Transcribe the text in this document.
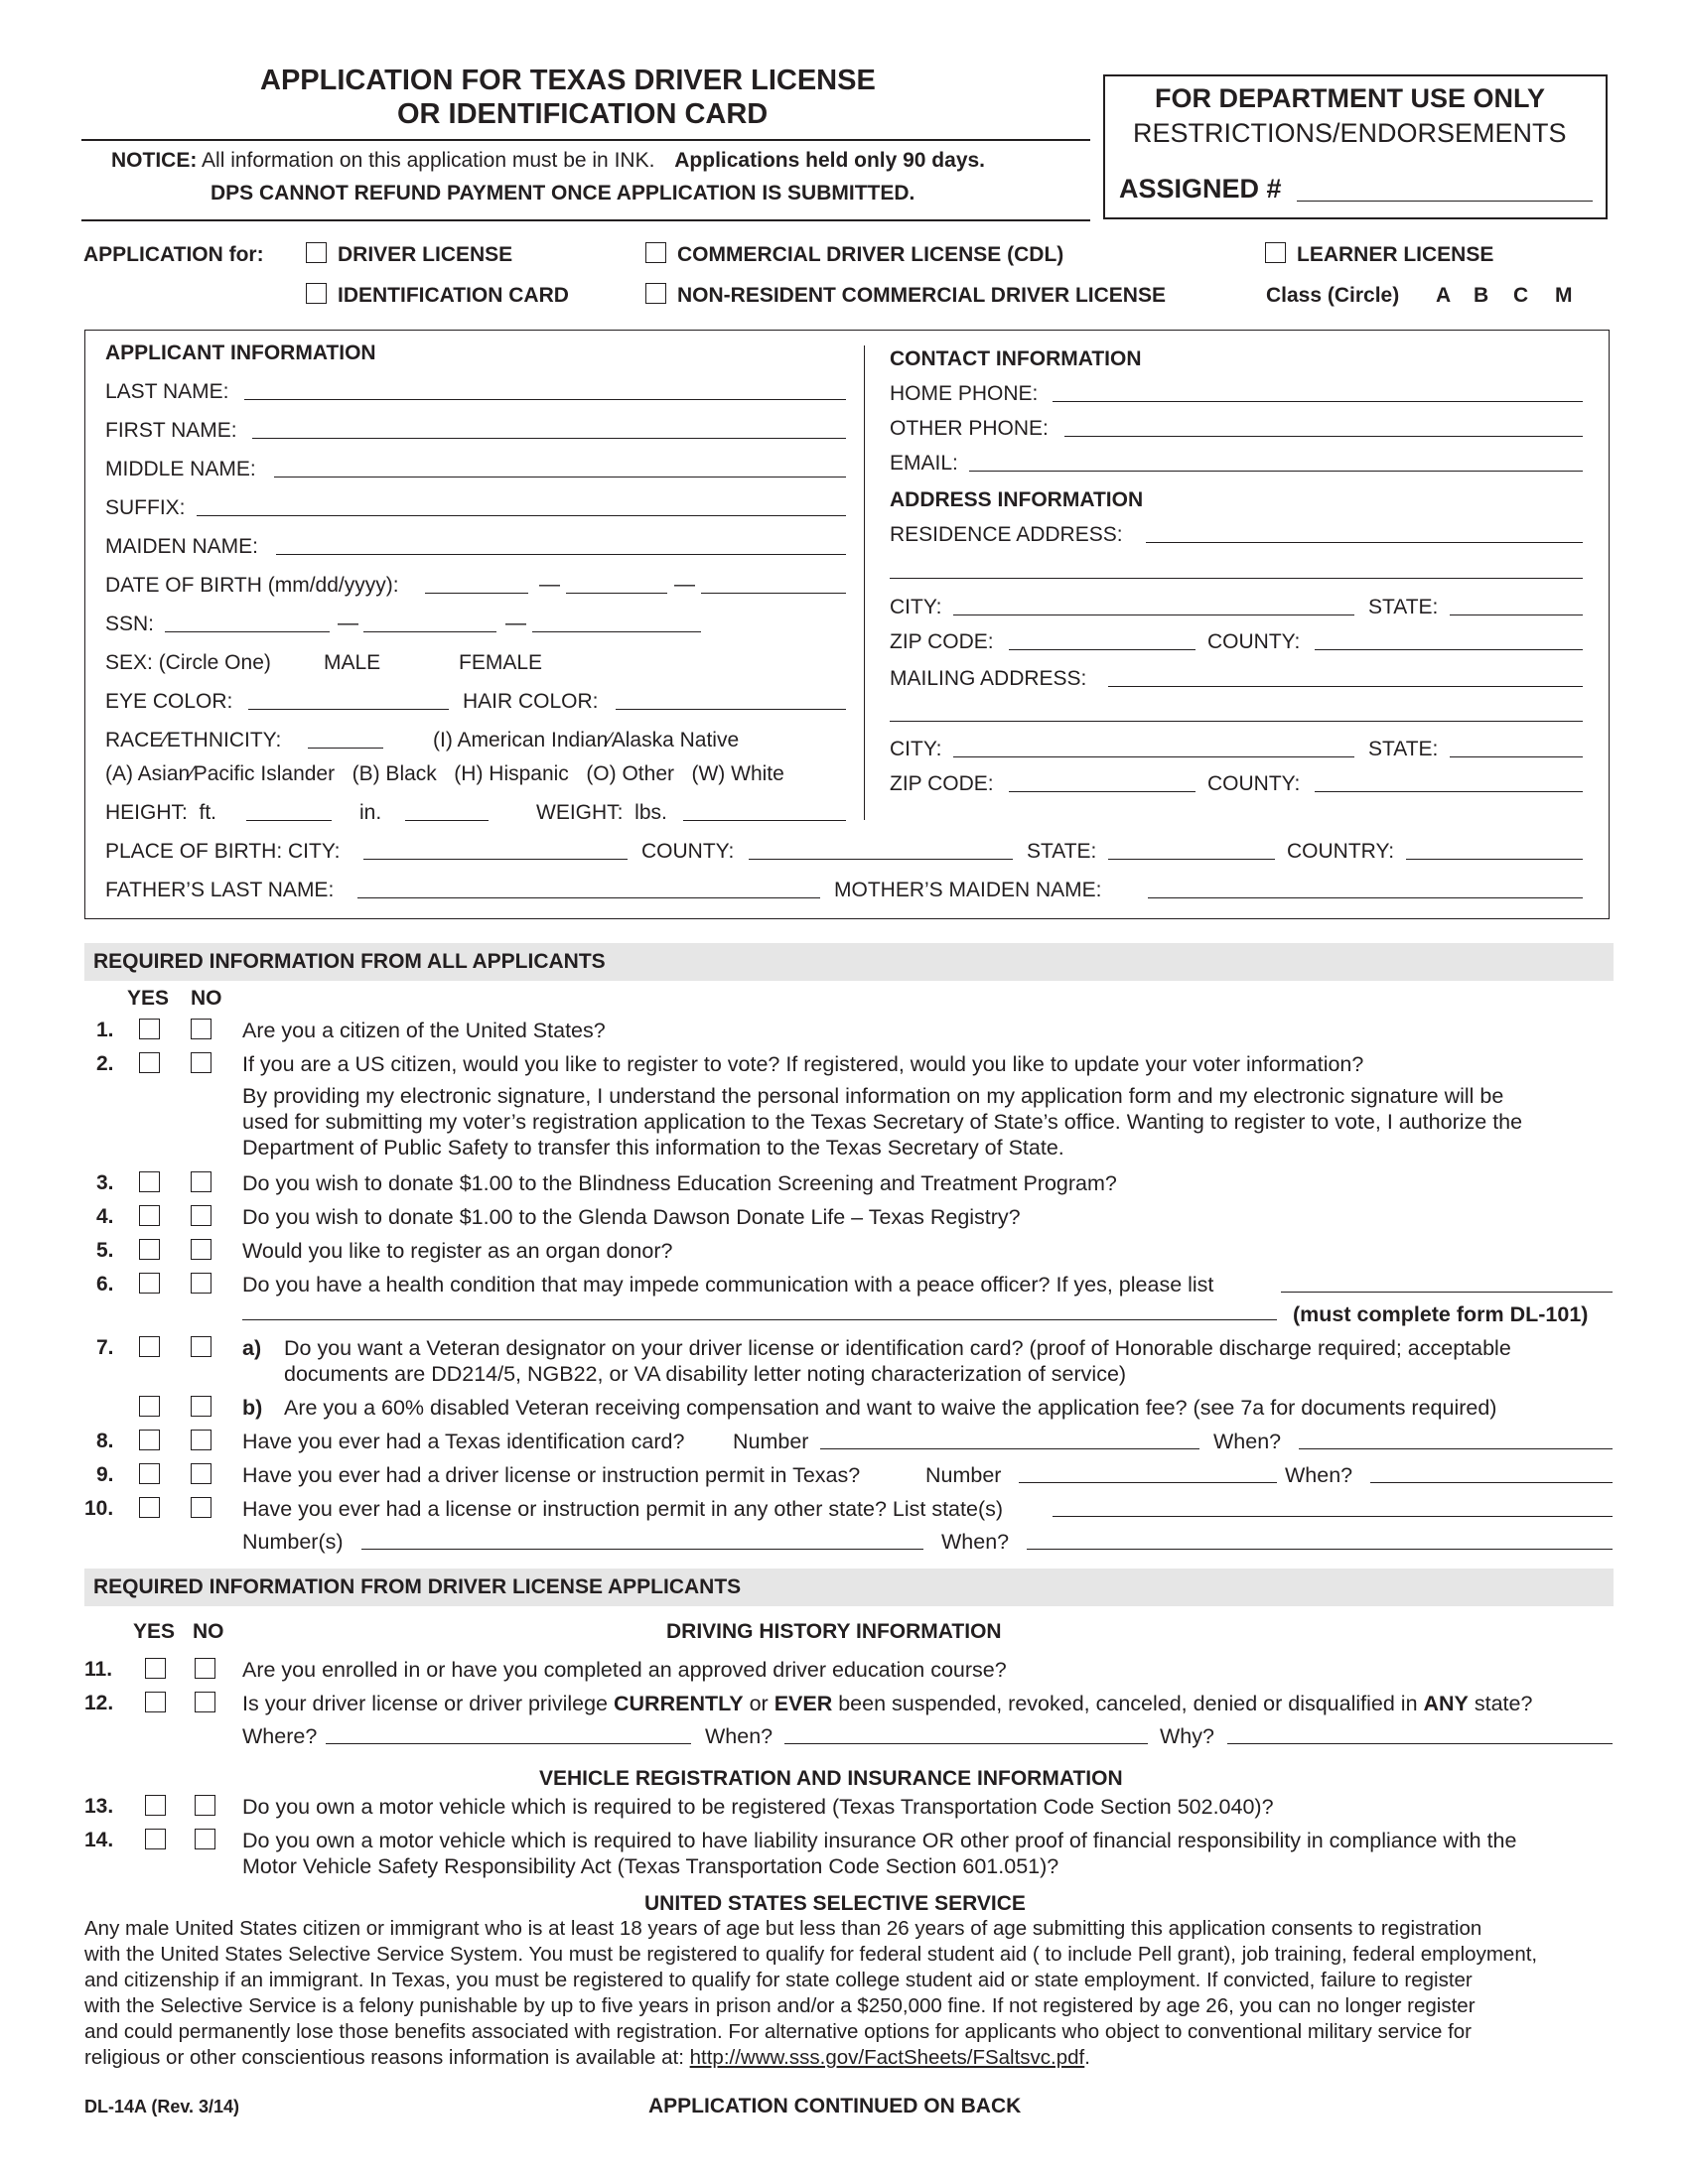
APPLICATION FOR TEXAS DRIVER LICENSE
OR IDENTIFICATION CARD
NOTICE: All information on this application must be in INK. Applications held only 90 days.
DPS CANNOT REFUND PAYMENT ONCE APPLICATION IS SUBMITTED.
FOR DEPARTMENT USE ONLY
RESTRICTIONS/ENDORSEMENTS
ASSIGNED #
APPLICATION for:	DRIVER LICENSE
IDENTIFICATION CARD
COMMERCIAL DRIVER LICENSE (CDL)
NON-RESIDENT COMMERCIAL DRIVER LICENSE
LEARNER LICENSE
Class (Circle) A B C M
APPLICANT INFORMATION
LAST NAME:
FIRST NAME:
MIDDLE NAME:
SUFFIX:
MAIDEN NAME:
DATE OF BIRTH (mm/dd/yyyy):	—	—
SSN:	—	—
SEX: (Circle One)	MALE	FEMALE
EYE COLOR:	HAIR COLOR:
RACE∕ETHNICITY:	(I) American Indian∕Alaska Native
(A) Asian∕Pacific Islander   (B) Black   (H) Hispanic   (O) Other   (W) White
HEIGHT:  ft.	in.	WEIGHT:  lbs.
CONTACT INFORMATION
HOME PHONE:
OTHER PHONE:
EMAIL:
ADDRESS INFORMATION
RESIDENCE ADDRESS:
CITY:	STATE:
ZIP CODE:	COUNTY:
MAILING ADDRESS:
CITY:	STATE:
ZIP CODE:	COUNTY:
PLACE OF BIRTH: CITY:	COUNTY:	STATE:	COUNTRY:
FATHER’S LAST NAME:	MOTHER’S MAIDEN NAME:
REQUIRED INFORMATION FROM ALL APPLICANTS
YES NO
1.	Are you a citizen of the United States?
2.	If you are a US citizen, would you like to register to vote? If registered, would you like to update your voter information?
By providing my electronic signature, I understand the personal information on my application form and my electronic signature will be
used for submitting my voter’s registration application to the Texas Secretary of State’s office. Wanting to register to vote, I authorize the
Department of Public Safety to transfer this information to the Texas Secretary of State.
3.	Do you wish to donate $1.00 to the Blindness Education Screening and Treatment Program?
4.	Do you wish to donate $1.00 to the Glenda Dawson Donate Life – Texas Registry?
5.	Would you like to register as an organ donor?
6.	Do you have a health condition that may impede communication with a peace officer? If yes, please list
(must complete form DL-101)
7.	a) Do you want a Veteran designator on your driver license or identification card? (proof of Honorable discharge required; acceptable
documents are DD214/5, NGB22, or VA disability letter noting characterization of service)
b) Are you a 60% disabled Veteran receiving compensation and want to waive the application fee? (see 7a for documents required)
8.	Have you ever had a Texas identification card? Number	When?
9.	Have you ever had a driver license or instruction permit in Texas?	Number	When?
10.	Have you ever had a license or instruction permit in any other state? List state(s)
Number(s)	When?
REQUIRED INFORMATION FROM DRIVER LICENSE APPLICANTS
YES NO	DRIVING HISTORY INFORMATION
11.	Are you enrolled in or have you completed an approved driver education course?
12.	Is your driver license or driver privilege CURRENTLY or EVER been suspended, revoked, canceled, denied or disqualified in ANY state?
Where?	When?	Why?
VEHICLE REGISTRATION AND INSURANCE INFORMATION
13.	Do you own a motor vehicle which is required to be registered (Texas Transportation Code Section 502.040)?
14.	Do you own a motor vehicle which is required to have liability insurance OR other proof of financial responsibility in compliance with the
Motor Vehicle Safety Responsibility Act (Texas Transportation Code Section 601.051)?
UNITED STATES SELECTIVE SERVICE
Any male United States citizen or immigrant who is at least 18 years of age but less than 26 years of age submitting this application consents to registration
with the United States Selective Service System. You must be registered to qualify for federal student aid ( to include Pell grant), job training, federal employment,
and citizenship if an immigrant. In Texas, you must be registered to qualify for state college student aid or state employment. If convicted, failure to register
with the Selective Service is a felony punishable by up to five years in prison and/or a $250,000 fine. If not registered by age 26, you can no longer register
and could permanently lose those benefits associated with registration. For alternative options for applicants who object to conventional military service for
religious or other conscientious reasons information is available at: http://www.sss.gov/FactSheets/FSaltsvc.pdf.
DL-14A (Rev. 3/14)	APPLICATION CONTINUED ON BACK
